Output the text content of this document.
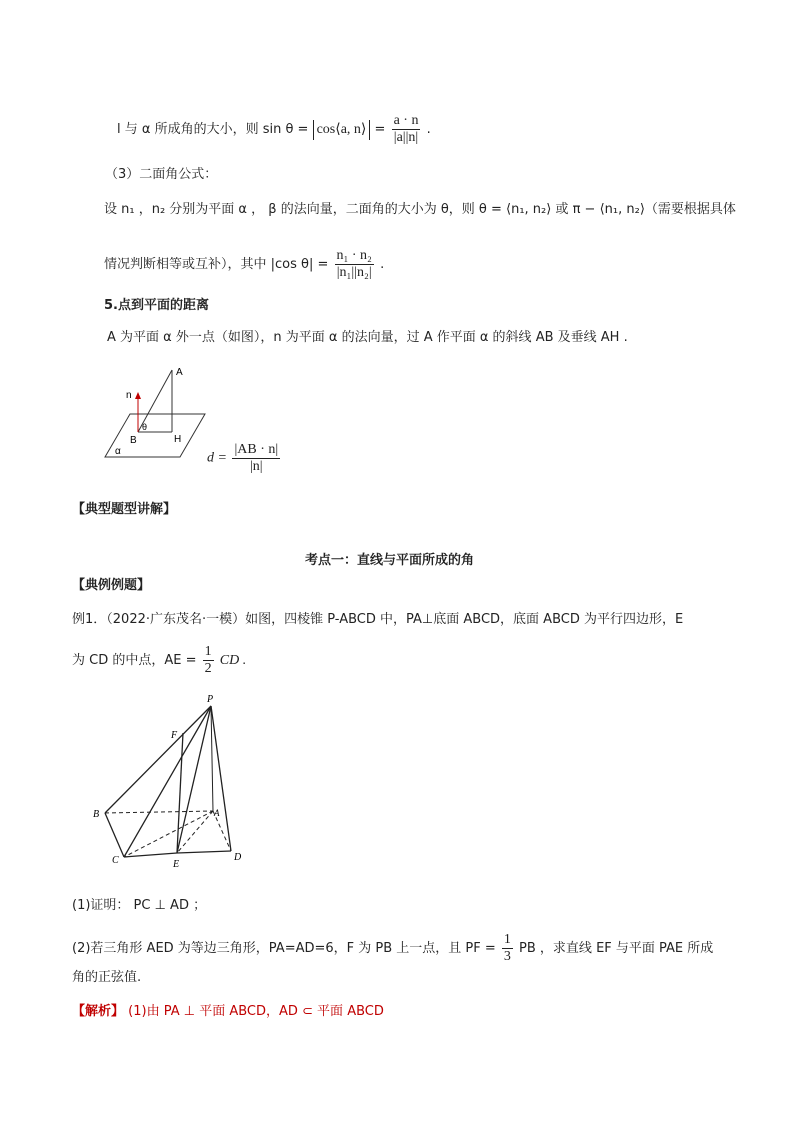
l 与 α 所成角的大小，则 sin θ = cos⟨a, n⟩ = $\frac{a \cdot n}{|a||n|}$ .
（3）二面角公式：
设 n₁ ，n₂ 分别为平面 α ， β 的法向量，二面角的大小为 θ，则 θ = ⟨n₁, n₂⟩ 或 π − ⟨n₁, n₂⟩（需要根据具体
情况判断相等或互补），其中 |cos $\theta| = \frac{\text{n₁ · n₂}}{\text{|n₁||n₂|}}$ .
5.点到平面的距离
A 为平面 α 外一点（如图），n 为平面 α 的法向量，过 A 作平面 α 的斜线 AB 及垂线 AH .
n
A
B	H
θ
α	$d = \frac{|AB \cdot n|}{|n|}$
【典型题型讲解】
考点一：直线与平面所成的角
【典例例题】
例1．（2022·广东茂名·一模）如图，四棱锥 P-ABCD 中，PA⊥底面 ABCD，底面 ABCD 为平行四边形，E
为 CD 的中点，AE = $\frac{1}{2}$ CD .
P
F
A
B
C	D
E
(1)证明： PC ⊥ AD ；
(2)若三角形 AED 为等边三角形，PA=AD=6，F 为 PB 上一点，且 PF = $\frac{1}{3}$ PB ，求直线 EF 与平面 PAE 所成
角的正弦值.
【解析】 (1)由 PA ⊥ 平面 ABCD，AD ⊂ 平面 ABCD
